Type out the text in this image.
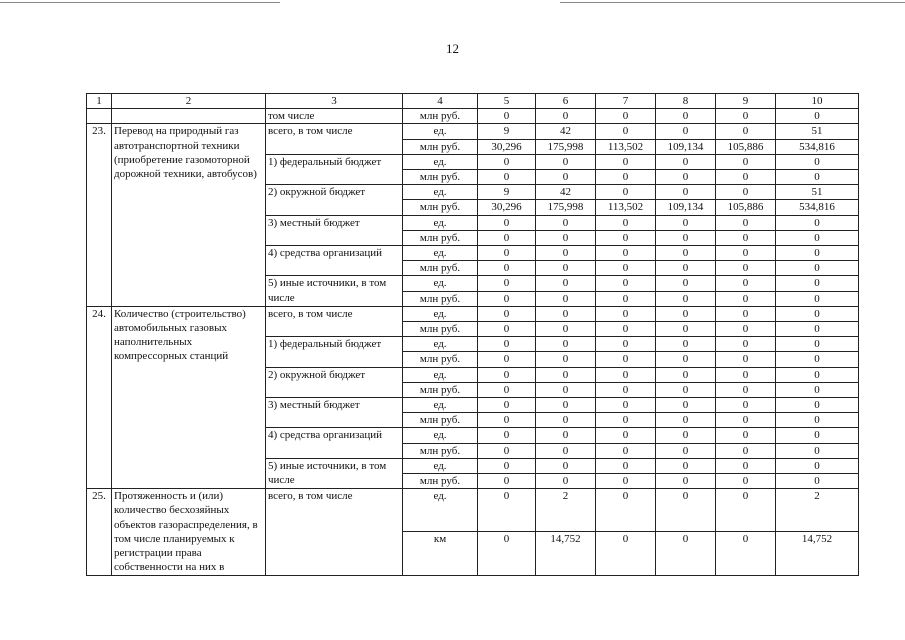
12
1	2	3	4	5	6	7	8	9	10
		том числе	млн руб.	0	0	0	0	0	0
23.	Перевод на природный газ автотранспортной техники (приобретение газомоторной дорожной техники, автобусов)	всего, в том числе	ед.	9	42	0	0	0	51
			млн руб.	30,296	175,998	113,502	109,134	105,886	534,816
		1) федеральный бюджет	ед.	0	0	0	0	0	0
			млн руб.	0	0	0	0	0	0
		2) окружной бюджет	ед.	9	42	0	0	0	51
			млн руб.	30,296	175,998	113,502	109,134	105,886	534,816
		3) местный бюджет	ед.	0	0	0	0	0	0
			млн руб.	0	0	0	0	0	0
		4) средства организаций	ед.	0	0	0	0	0	0
			млн руб.	0	0	0	0	0	0
		5) иные источники, в том числе	ед.	0	0	0	0	0	0
			млн руб.	0	0	0	0	0	0
24.	Количество (строительство) автомобильных газовых наполнительных компрессорных станций	всего, в том числе	ед.	0	0	0	0	0	0
			млн руб.	0	0	0	0	0	0
		1) федеральный бюджет	ед.	0	0	0	0	0	0
			млн руб.	0	0	0	0	0	0
		2) окружной бюджет	ед.	0	0	0	0	0	0
			млн руб.	0	0	0	0	0	0
		3) местный бюджет	ед.	0	0	0	0	0	0
			млн руб.	0	0	0	0	0	0
		4) средства организаций	ед.	0	0	0	0	0	0
			млн руб.	0	0	0	0	0	0
		5) иные источники, в том числе	ед.	0	0	0	0	0	0
			млн руб.	0	0	0	0	0	0
25.	Протяженность и (или) количество бесхозяйных объектов газораспределения, в том числе планируемых к регистрации права собственности на них в	всего, в том числе	ед.	0	2	0	0	0	2
			км	0	14,752	0	0	0	14,752
